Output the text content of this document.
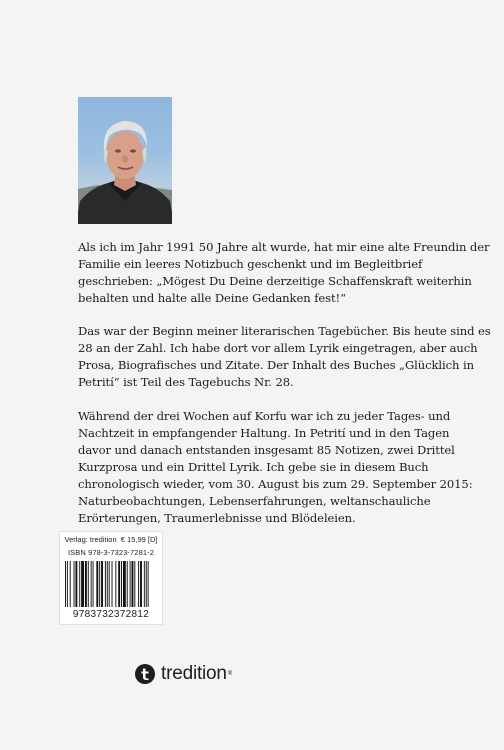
Als ich im Jahr 1991 50 Jahre alt wurde, hat mir eine alte Freundin der
Familie ein leeres Notizbuch geschenkt und im Begleitbrief
geschrieben: „Mögest Du Deine derzeitige Schaffenskraft weiterhin
behalten und halte alle Deine Gedanken fest!“
Das war der Beginn meiner literarischen Tagebücher. Bis heute sind es
28 an der Zahl. Ich habe dort vor allem Lyrik eingetragen, aber auch
Prosa, Biografisches und Zitate. Der Inhalt des Buches „Glücklich in
Petrití“ ist Teil des Tagebuchs Nr. 28.
Während der drei Wochen auf Korfu war ich zu jeder Tages- und
Nachtzeit in empfangender Haltung. In Petrití und in den Tagen
davor und danach entstanden insgesamt 85 Notizen, zwei Drittel
Kurzprosa und ein Drittel Lyrik. Ich gebe sie in diesem Buch
chronologisch wieder, vom 30. August bis zum 29. September 2015:
Naturbeobachtungen, Lebenserfahrungen, weltanschauliche
Erörterungen, Traumerlebnisse und Blödeleien.
Verlag: tredition € 15,99 [D]
ISBN 978-3-7323-7281-2
9783732372812
tredition ®
